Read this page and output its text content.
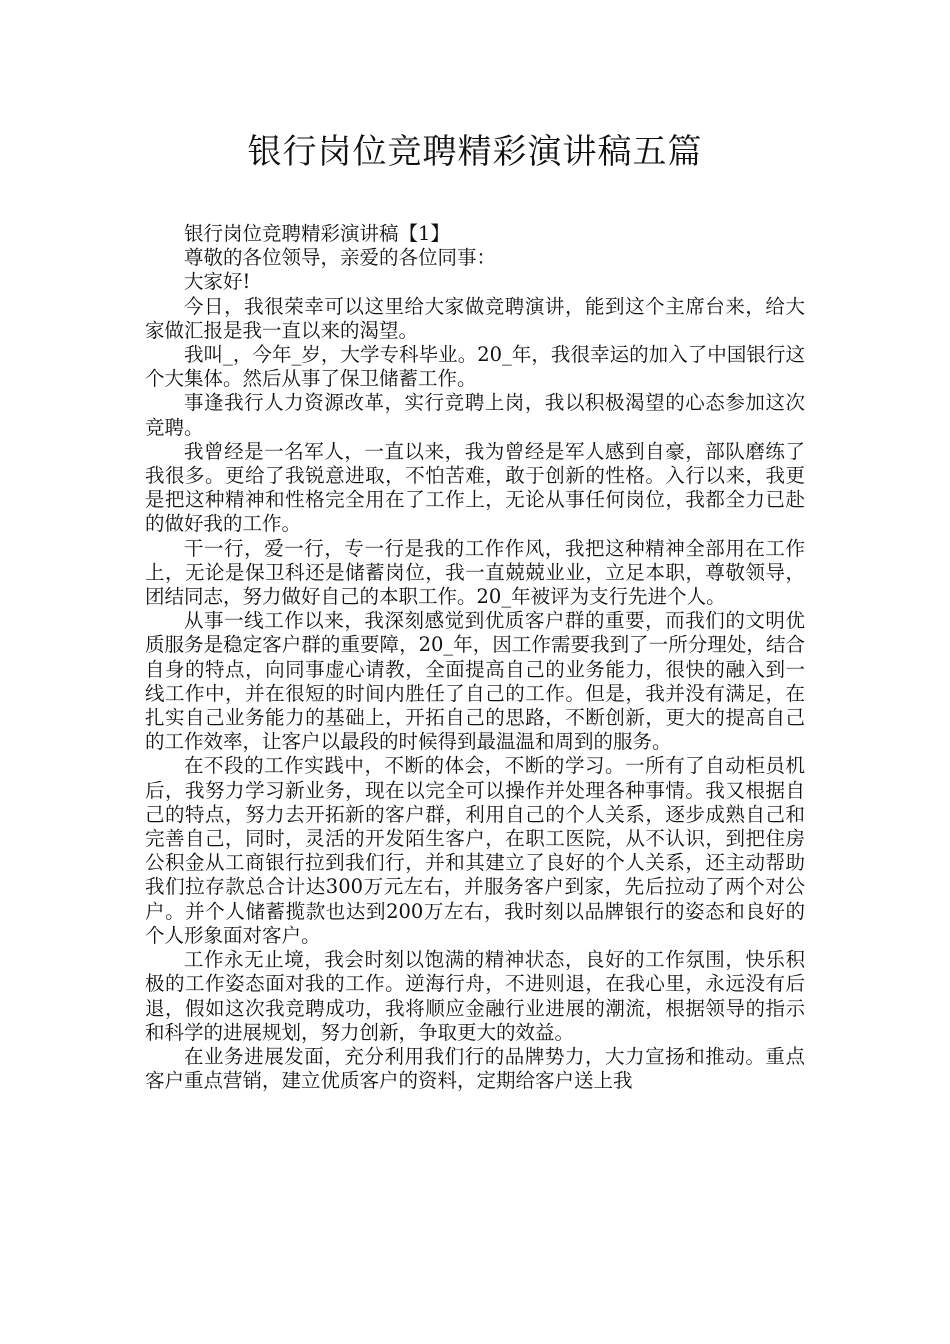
银行岗位竞聘精彩演讲稿五篇

银行岗位竞聘精彩演讲稿【1】

尊敬的各位领导，亲爱的各位同事：

大家好!

今日，我很荣幸可以这里给大家做竞聘演讲，能到这个主席台来，给大家做汇报是我一直以来的渴望。

我叫_，今年_岁，大学专科毕业。20_年，我很幸运的加入了中国银行这个大集体。然后从事了保卫储蓄工作。

事逢我行人力资源改革，实行竞聘上岗，我以积极渴望的心态参加这次竞聘。

我曾经是一名军人，一直以来，我为曾经是军人感到自豪，部队磨练了我很多。更给了我锐意进取，不怕苦难，敢于创新的性格。入行以来，我更是把这种精神和性格完全用在了工作上，无论从事任何岗位，我都全力已赴的做好我的工作。

干一行，爱一行，专一行是我的工作作风，我把这种精神全部用在工作上，无论是保卫科还是储蓄岗位，我一直兢兢业业，立足本职，尊敬领导，团结同志，努力做好自己的本职工作。20_年被评为支行先进个人。

从事一线工作以来，我深刻感觉到优质客户群的重要，而我们的文明优质服务是稳定客户群的重要障，20_年，因工作需要我到了一所分理处，结合自身的特点，向同事虚心请教，全面提高自己的业务能力，很快的融入到一线工作中，并在很短的时间内胜任了自己的工作。但是，我并没有满足，在扎实自己业务能力的基础上，开拓自己的思路，不断创新，更大的提高自己的工作效率，让客户以最段的时候得到最温温和周到的服务。

在不段的工作实践中，不断的体会，不断的学习。一所有了自动柜员机后，我努力学习新业务，现在以完全可以操作并处理各种事情。我又根据自己的特点，努力去开拓新的客户群，利用自己的个人关系，逐步成熟自己和完善自己，同时，灵活的开发陌生客户，在职工医院，从不认识，到把住房公积金从工商银行拉到我们行，并和其建立了良好的个人关系，还主动帮助我们拉存款总合计达300万元左右，并服务客户到家，先后拉动了两个对公户。并个人储蓄揽款也达到200万左右，我时刻以品牌银行的姿态和良好的个人形象面对客户。

工作永无止境，我会时刻以饱满的精神状态，良好的工作氛围，快乐积极的工作姿态面对我的工作。逆海行舟，不进则退，在我心里，永远没有后退，假如这次我竞聘成功，我将顺应金融行业进展的潮流，根据领导的指示和科学的进展规划，努力创新，争取更大的效益。

在业务进展发面，充分利用我们行的品牌势力，大力宣扬和推动。重点客户重点营销，建立优质客户的资料，定期给客户送上我
